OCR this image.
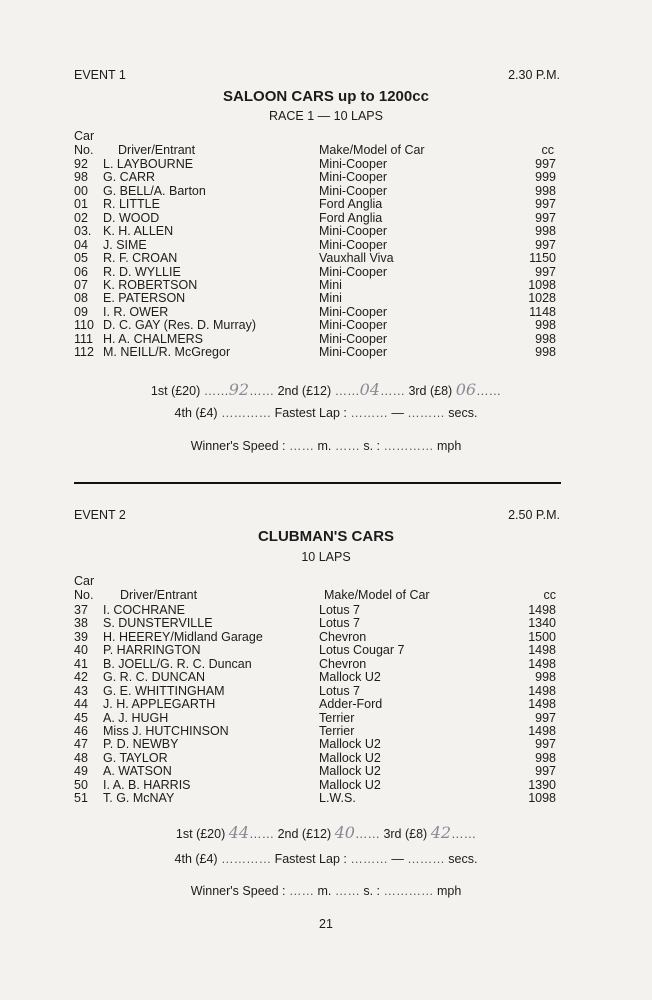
EVENT 1	2.30 P.M.
SALOON CARS up to 1200cc
RACE 1 — 10 LAPS
Car
No. Driver/Entrant	Make/Model of Car	cc
92 L. LAYBOURNE	Mini-Cooper	997
98 G. CARR	Mini-Cooper	999
00 G. BELL/A. Barton	Mini-Cooper	998
01 R. LITTLE	Ford Anglia	997
02 D. WOOD	Ford Anglia	997
03. K. H. ALLEN	Mini-Cooper	998
04 J. SIME	Mini-Cooper	997
05 R. F. CROAN	Vauxhall Viva	1150
06 R. D. WYLLIE	Mini-Cooper	997
07 K. ROBERTSON	Mini	1098
08 E. PATERSON	Mini	1028
09 I. R. OWER	Mini-Cooper	1148
110 D. C. GAY (Res. D. Murray)	Mini-Cooper	998
111 H. A. CHALMERS	Mini-Cooper	998
112 M. NEILL/R. McGregor	Mini-Cooper	998
1st (£20) ……92…… 2nd (£12) ……04…… 3rd (£8) 06……
4th (£4) ………… Fastest Lap : ……… — ……… secs.
Winner's Speed : …… m. …… s. : ………… mph
EVENT 2	2.50 P.M.
CLUBMAN'S CARS
10 LAPS
Car
No. Driver/Entrant	Make/Model of Car	cc
37 I. COCHRANE	Lotus 7	1498
38 S. DUNSTERVILLE	Lotus 7	1340
39 H. HEEREY/Midland Garage	Chevron	1500
40 P. HARRINGTON	Lotus Cougar 7	1498
41 B. JOELL/G. R. C. Duncan	Chevron	1498
42 G. R. C. DUNCAN	Mallock U2	998
43 G. E. WHITTINGHAM	Lotus 7	1498
44 J. H. APPLEGARTH	Adder-Ford	1498
45 A. J. HUGH	Terrier	997
46 Miss J. HUTCHINSON	Terrier	1498
47 P. D. NEWBY	Mallock U2	997
48 G. TAYLOR	Mallock U2	998
49 A. WATSON	Mallock U2	997
50 I. A. B. HARRIS	Mallock U2	1390
51 T. G. McNAY	L.W.S.	1098
1st (£20) 44…… 2nd (£12) 40…… 3rd (£8) 42……
4th (£4) ………… Fastest Lap : ……… — ……… secs.
Winner's Speed : …… m. …… s. : ………… mph
21
